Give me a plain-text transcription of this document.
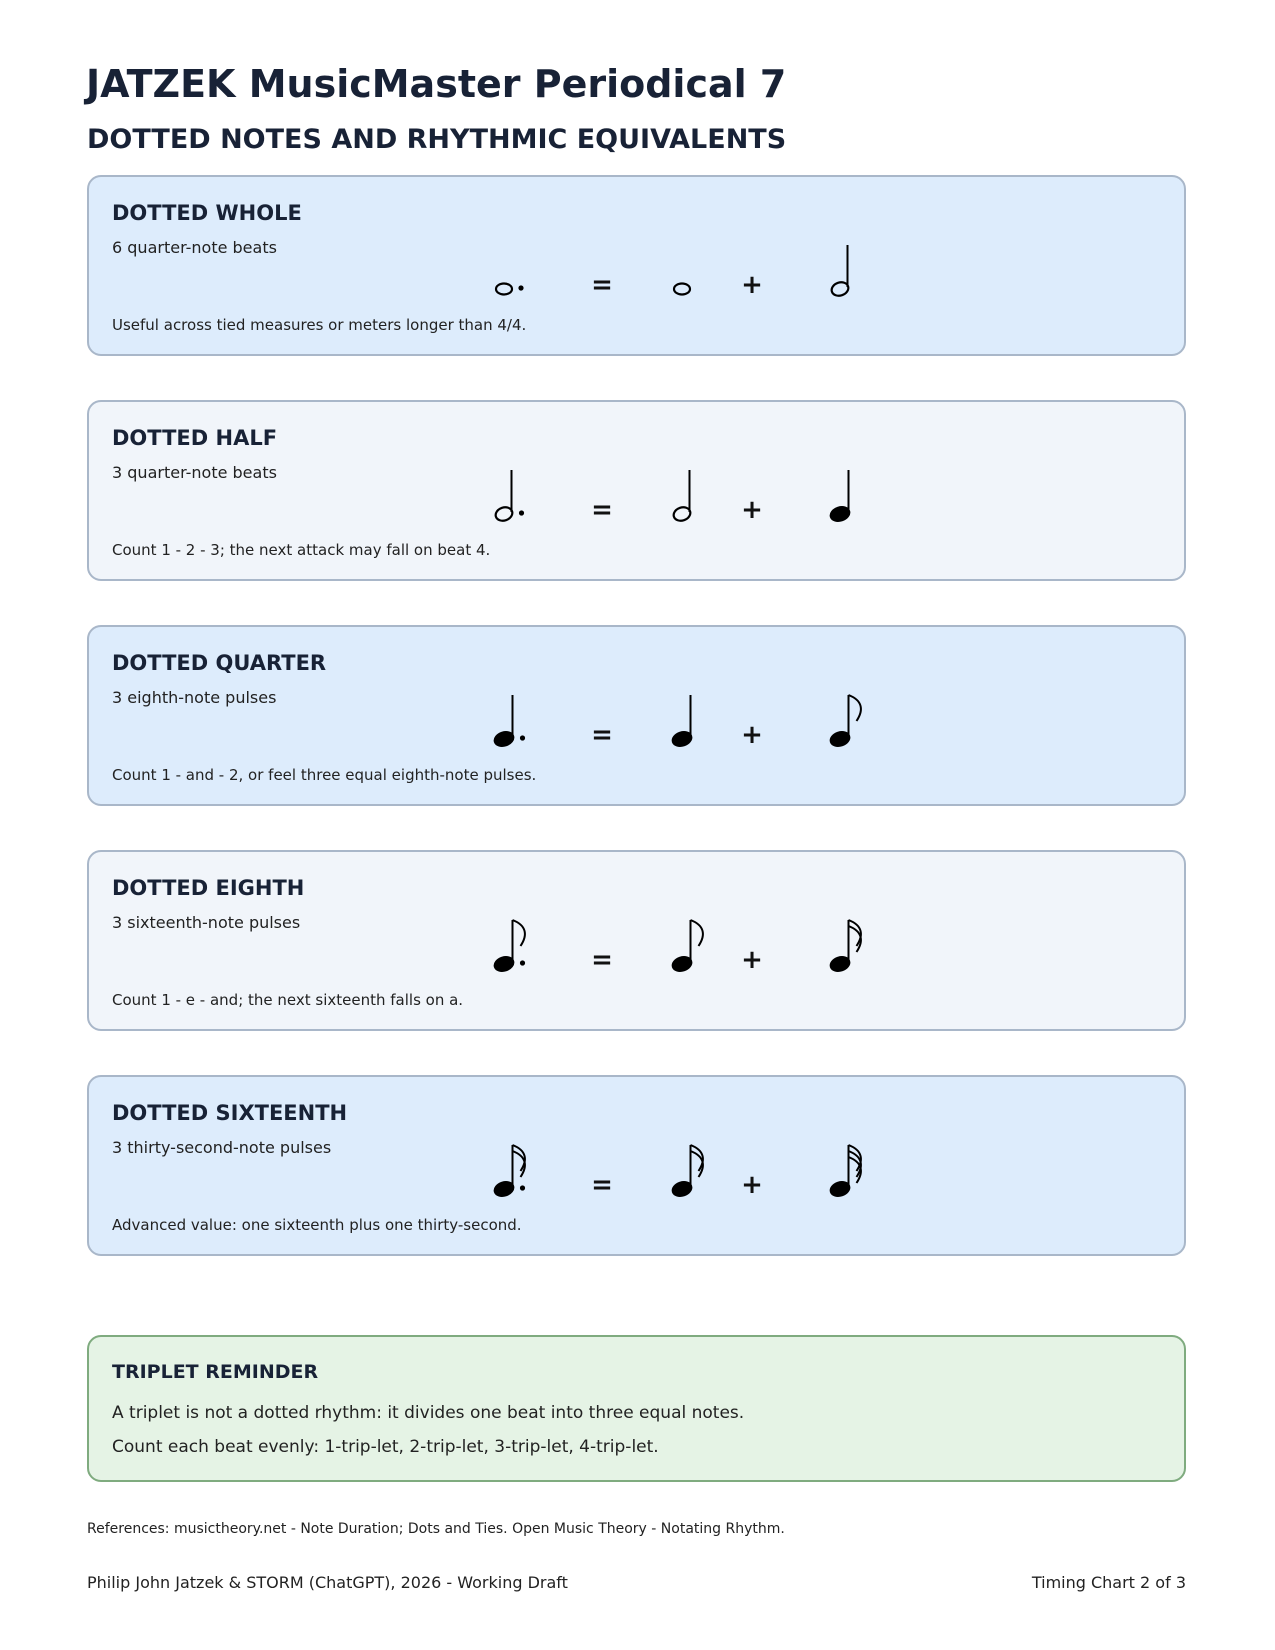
JATZEK MusicMaster Periodical 7
DOTTED NOTES AND RHYTHMIC EQUIVALENTS
DOTTED WHOLE
6 quarter-note beats
=	+
Useful across tied measures or meters longer than 4/4.
DOTTED HALF
3 quarter-note beats
=	+
Count 1 - 2 - 3; the next attack may fall on beat 4.
DOTTED QUARTER
3 eighth-note pulses
=	+
Count 1 - and - 2, or feel three equal eighth-note pulses.
DOTTED EIGHTH
3 sixteenth-note pulses
=	+
Count 1 - e - and; the next sixteenth falls on a.
DOTTED SIXTEENTH
3 thirty-second-note pulses
=	+
Advanced value: one sixteenth plus one thirty-second.
TRIPLET REMINDER
A triplet is not a dotted rhythm: it divides one beat into three equal notes.
Count each beat evenly: 1-trip-let, 2-trip-let, 3-trip-let, 4-trip-let.
References: musictheory.net - Note Duration; Dots and Ties. Open Music Theory - Notating Rhythm.
Philip John Jatzek & STORM (ChatGPT), 2026 - Working Draft	Timing Chart 2 of 3
